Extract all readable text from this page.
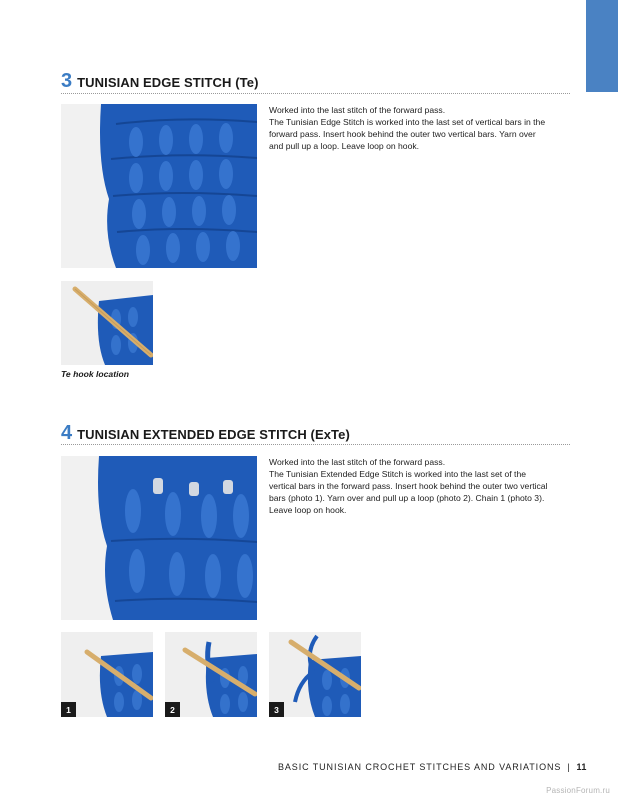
3 TUNISIAN EDGE STITCH (Te)

Worked into the last stitch of the forward pass.

The Tunisian Edge Stitch is worked into the last set of vertical bars in the forward pass. Insert hook behind the outer two vertical bars. Yarn over and pull up a loop. Leave loop on hook.

Te hook location
4 TUNISIAN EXTENDED EDGE STITCH (ExTe)

Worked into the last stitch of the forward pass.

The Tunisian Extended Edge Stitch is worked into the last set of the vertical bars in the forward pass. Insert hook behind the outer two vertical bars (photo 1). Yarn over and pull up a loop (photo 2). Chain 1 (photo 3). Leave loop on hook.

1	2	3
BASIC TUNISIAN CROCHET STITCHES AND VARIATIONS | 11
PassionForum.ru
